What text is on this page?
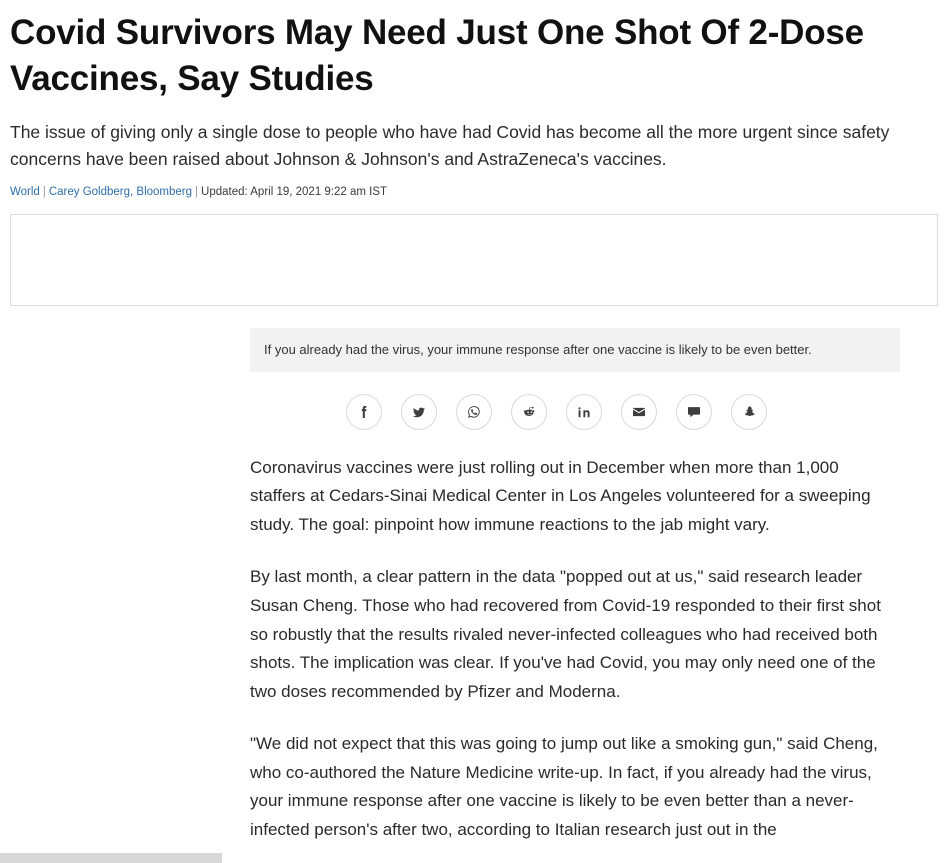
Covid Survivors May Need Just One Shot Of 2-Dose Vaccines, Say Studies

The issue of giving only a single dose to people who have had Covid has become all the more urgent since safety concerns have been raised about Johnson & Johnson's and AstraZeneca's vaccines.

World | Carey Goldberg, Bloomberg | Updated: April 19, 2021 9:22 am IST
If you already had the virus, your immune response after one vaccine is likely to be even better.

Coronavirus vaccines were just rolling out in December when more than 1,000 staffers at Cedars-Sinai Medical Center in Los Angeles volunteered for a sweeping study. The goal: pinpoint how immune reactions to the jab might vary.

By last month, a clear pattern in the data "popped out at us," said research leader Susan Cheng. Those who had recovered from Covid-19 responded to their first shot so robustly that the results rivaled never-infected colleagues who had received both shots. The implication was clear. If you've had Covid, you may only need one of the two doses recommended by Pfizer and Moderna.

"We did not expect that this was going to jump out like a smoking gun," said Cheng, who co-authored the Nature Medicine write-up. In fact, if you already had the virus, your immune response after one vaccine is likely to be even better than a never-infected person's after two, according to Italian research just out in the
